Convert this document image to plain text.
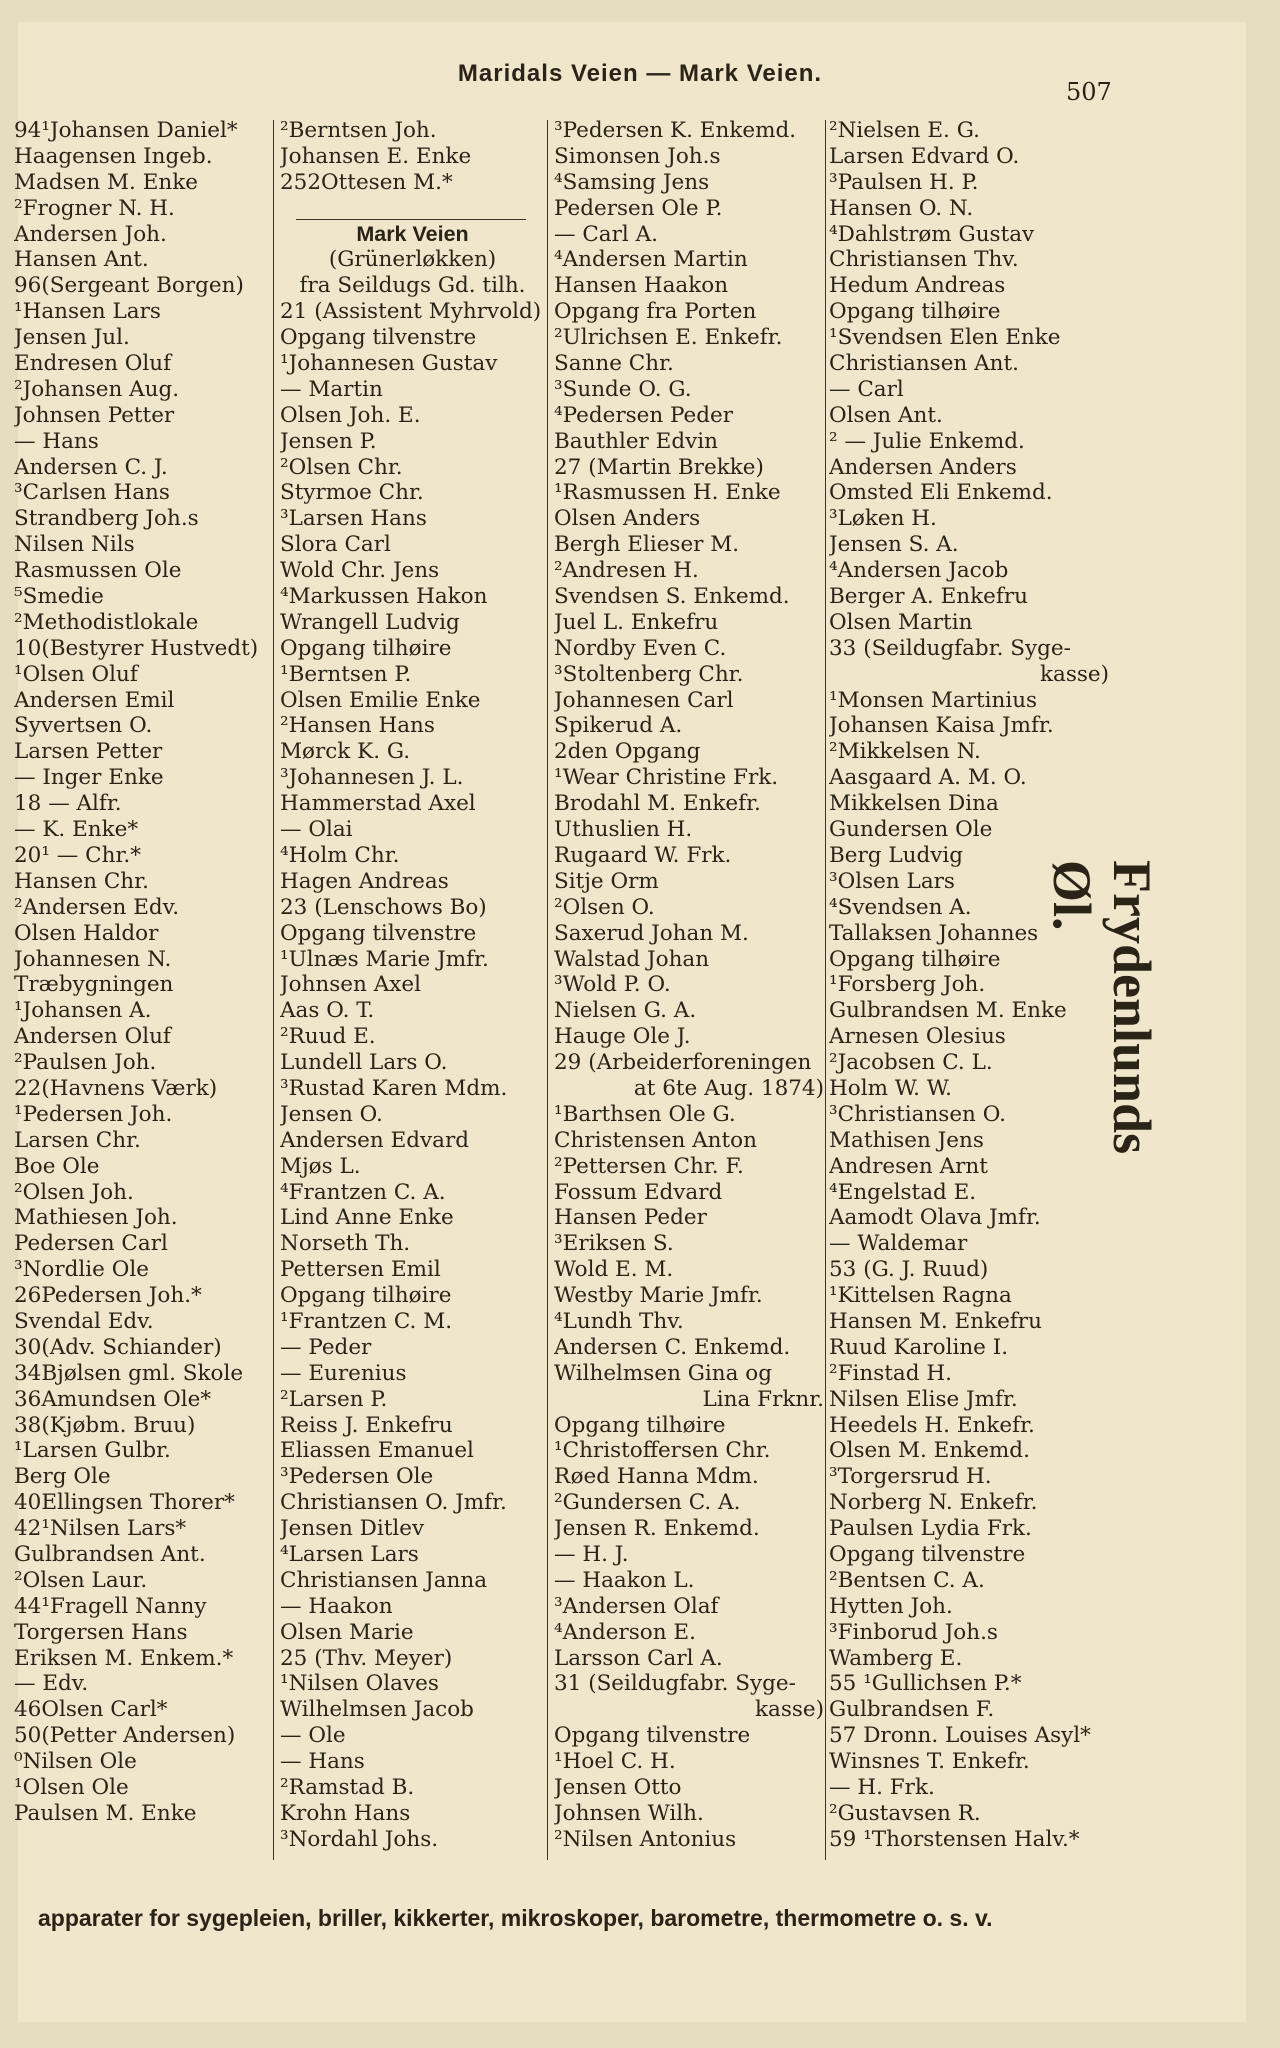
Maridals Veien — Mark Veien.
507
94¹Johansen Daniel*
Haagensen Ingeb.
Madsen M. Enke
²Frogner N. H.
Andersen Joh.
Hansen Ant.
96(Sergeant Borgen)
¹Hansen Lars
Jensen Jul.
Endresen Oluf
²Johansen Aug.
Johnsen Petter
— Hans
Andersen C. J.
³Carlsen Hans
Strandberg Joh.s
Nilsen Nils
Rasmussen Ole
⁵Smedie
²Methodistlokale
10(Bestyrer Hustvedt)
¹Olsen Oluf
Andersen Emil
Syvertsen O.
Larsen Petter
— Inger Enke
18 — Alfr.
— K. Enke*
20¹ — Chr.*
Hansen Chr.
²Andersen Edv.
Olsen Haldor
Johannesen N.
Træbygningen
¹Johansen A.
Andersen Oluf
²Paulsen Joh.
22(Havnens Værk)
¹Pedersen Joh.
Larsen Chr.
Boe Ole
²Olsen Joh.
Mathiesen Joh.
Pedersen Carl
³Nordlie Ole
26Pedersen Joh.*
Svendal Edv.
30(Adv. Schiander)
34Bjølsen gml. Skole
36Amundsen Ole*
38(Kjøbm. Bruu)
¹Larsen Gulbr.
Berg Ole
40Ellingsen Thorer*
42¹Nilsen Lars*
Gulbrandsen Ant.
²Olsen Laur.
44¹Fragell Nanny
Torgersen Hans
Eriksen M. Enkem.*
— Edv.
46Olsen Carl*
50(Petter Andersen)
⁰Nilsen Ole
¹Olsen Ole
Paulsen M. Enke
²Berntsen Joh.
Johansen E. Enke
252Ottesen M.*
Mark Veien
(Grünerløkken)
fra Seildugs Gd. tilh.
21 (Assistent Myhrvold)
Opgang tilvenstre
¹Johannesen Gustav
— Martin
Olsen Joh. E.
Jensen P.
²Olsen Chr.
Styrmoe Chr.
³Larsen Hans
Slora Carl
Wold Chr. Jens
⁴Markussen Hakon
Wrangell Ludvig
Opgang tilhøire
¹Berntsen P.
Olsen Emilie Enke
²Hansen Hans
Mørck K. G.
³Johannesen J. L.
Hammerstad Axel
— Olai
⁴Holm Chr.
Hagen Andreas
23 (Lenschows Bo)
Opgang tilvenstre
¹Ulnæs Marie Jmfr.
Johnsen Axel
Aas O. T.
²Ruud E.
Lundell Lars O.
³Rustad Karen Mdm.
Jensen O.
Andersen Edvard
Mjøs L.
⁴Frantzen C. A.
Lind Anne Enke
Norseth Th.
Pettersen Emil
Opgang tilhøire
¹Frantzen C. M.
— Peder
— Eurenius
²Larsen P.
Reiss J. Enkefru
Eliassen Emanuel
³Pedersen Ole
Christiansen O. Jmfr.
Jensen Ditlev
⁴Larsen Lars
Christiansen Janna
— Haakon
Olsen Marie
25 (Thv. Meyer)
¹Nilsen Olaves
Wilhelmsen Jacob
— Ole
— Hans
²Ramstad B.
Krohn Hans
³Nordahl Johs.
³Pedersen K. Enkemd.
Simonsen Joh.s
⁴Samsing Jens
Pedersen Ole P.
— Carl A.
⁴Andersen Martin
Hansen Haakon
Opgang fra Porten
²Ulrichsen E. Enkefr.
Sanne Chr.
³Sunde O. G.
⁴Pedersen Peder
Bauthler Edvin
27 (Martin Brekke)
¹Rasmussen H. Enke
Olsen Anders
Bergh Elieser M.
²Andresen H.
Svendsen S. Enkemd.
Juel L. Enkefru
Nordby Even C.
³Stoltenberg Chr.
Johannesen Carl
Spikerud A.
2den Opgang
¹Wear Christine Frk.
Brodahl M. Enkefr.
Uthuslien H.
Rugaard W. Frk.
Sitje Orm
²Olsen O.
Saxerud Johan M.
Walstad Johan
³Wold P. O.
Nielsen G. A.
Hauge Ole J.
29 (Arbeiderforeningen
at 6te Aug. 1874)
¹Barthsen Ole G.
Christensen Anton
²Pettersen Chr. F.
Fossum Edvard
Hansen Peder
³Eriksen S.
Wold E. M.
Westby Marie Jmfr.
⁴Lundh Thv.
Andersen C. Enkemd.
Wilhelmsen Gina og
Lina Frknr.
Opgang tilhøire
¹Christoffersen Chr.
Røed Hanna Mdm.
²Gundersen C. A.
Jensen R. Enkemd.
— H. J.
— Haakon L.
³Andersen Olaf
⁴Anderson E.
Larsson Carl A.
31 (Seildugfabr. Syge-
kasse)
Opgang tilvenstre
¹Hoel C. H.
Jensen Otto
Johnsen Wilh.
²Nilsen Antonius
²Nielsen E. G.
Larsen Edvard O.
³Paulsen H. P.
Hansen O. N.
⁴Dahlstrøm Gustav
Christiansen Thv.
Hedum Andreas
Opgang tilhøire
¹Svendsen Elen Enke
Christiansen Ant.
— Carl
Olsen Ant.
² — Julie Enkemd.
Andersen Anders
Omsted Eli Enkemd.
³Løken H.
Jensen S. A.
⁴Andersen Jacob
Berger A. Enkefru
Olsen Martin
33 (Seildugfabr. Syge-
kasse)
¹Monsen Martinius
Johansen Kaisa Jmfr.
²Mikkelsen N.
Aasgaard A. M. O.
Mikkelsen Dina
Gundersen Ole
Berg Ludvig
³Olsen Lars
⁴Svendsen A.
Tallaksen Johannes
Opgang tilhøire
¹Forsberg Joh.
Gulbrandsen M. Enke
Arnesen Olesius
²Jacobsen C. L.
Holm W. W.
³Christiansen O.
Mathisen Jens
Andresen Arnt
⁴Engelstad E.
Aamodt Olava Jmfr.
— Waldemar
53 (G. J. Ruud)
¹Kittelsen Ragna
Hansen M. Enkefru
Ruud Karoline I.
²Finstad H.
Nilsen Elise Jmfr.
Heedels H. Enkefr.
Olsen M. Enkemd.
³Torgersrud H.
Norberg N. Enkefr.
Paulsen Lydia Frk.
Opgang tilvenstre
²Bentsen C. A.
Hytten Joh.
³Finborud Joh.s
Wamberg E.
55 ¹Gullichsen P.*
Gulbrandsen F.
57 Dronn. Louises Asyl*
Winsnes T. Enkefr.
— H. Frk.
²Gustavsen R.
59 ¹Thorstensen Halv.*
Frydenlunds Øl.
apparater for sygepleien, briller, kikkerter, mikroskoper, barometre, thermometre o. s. v.
